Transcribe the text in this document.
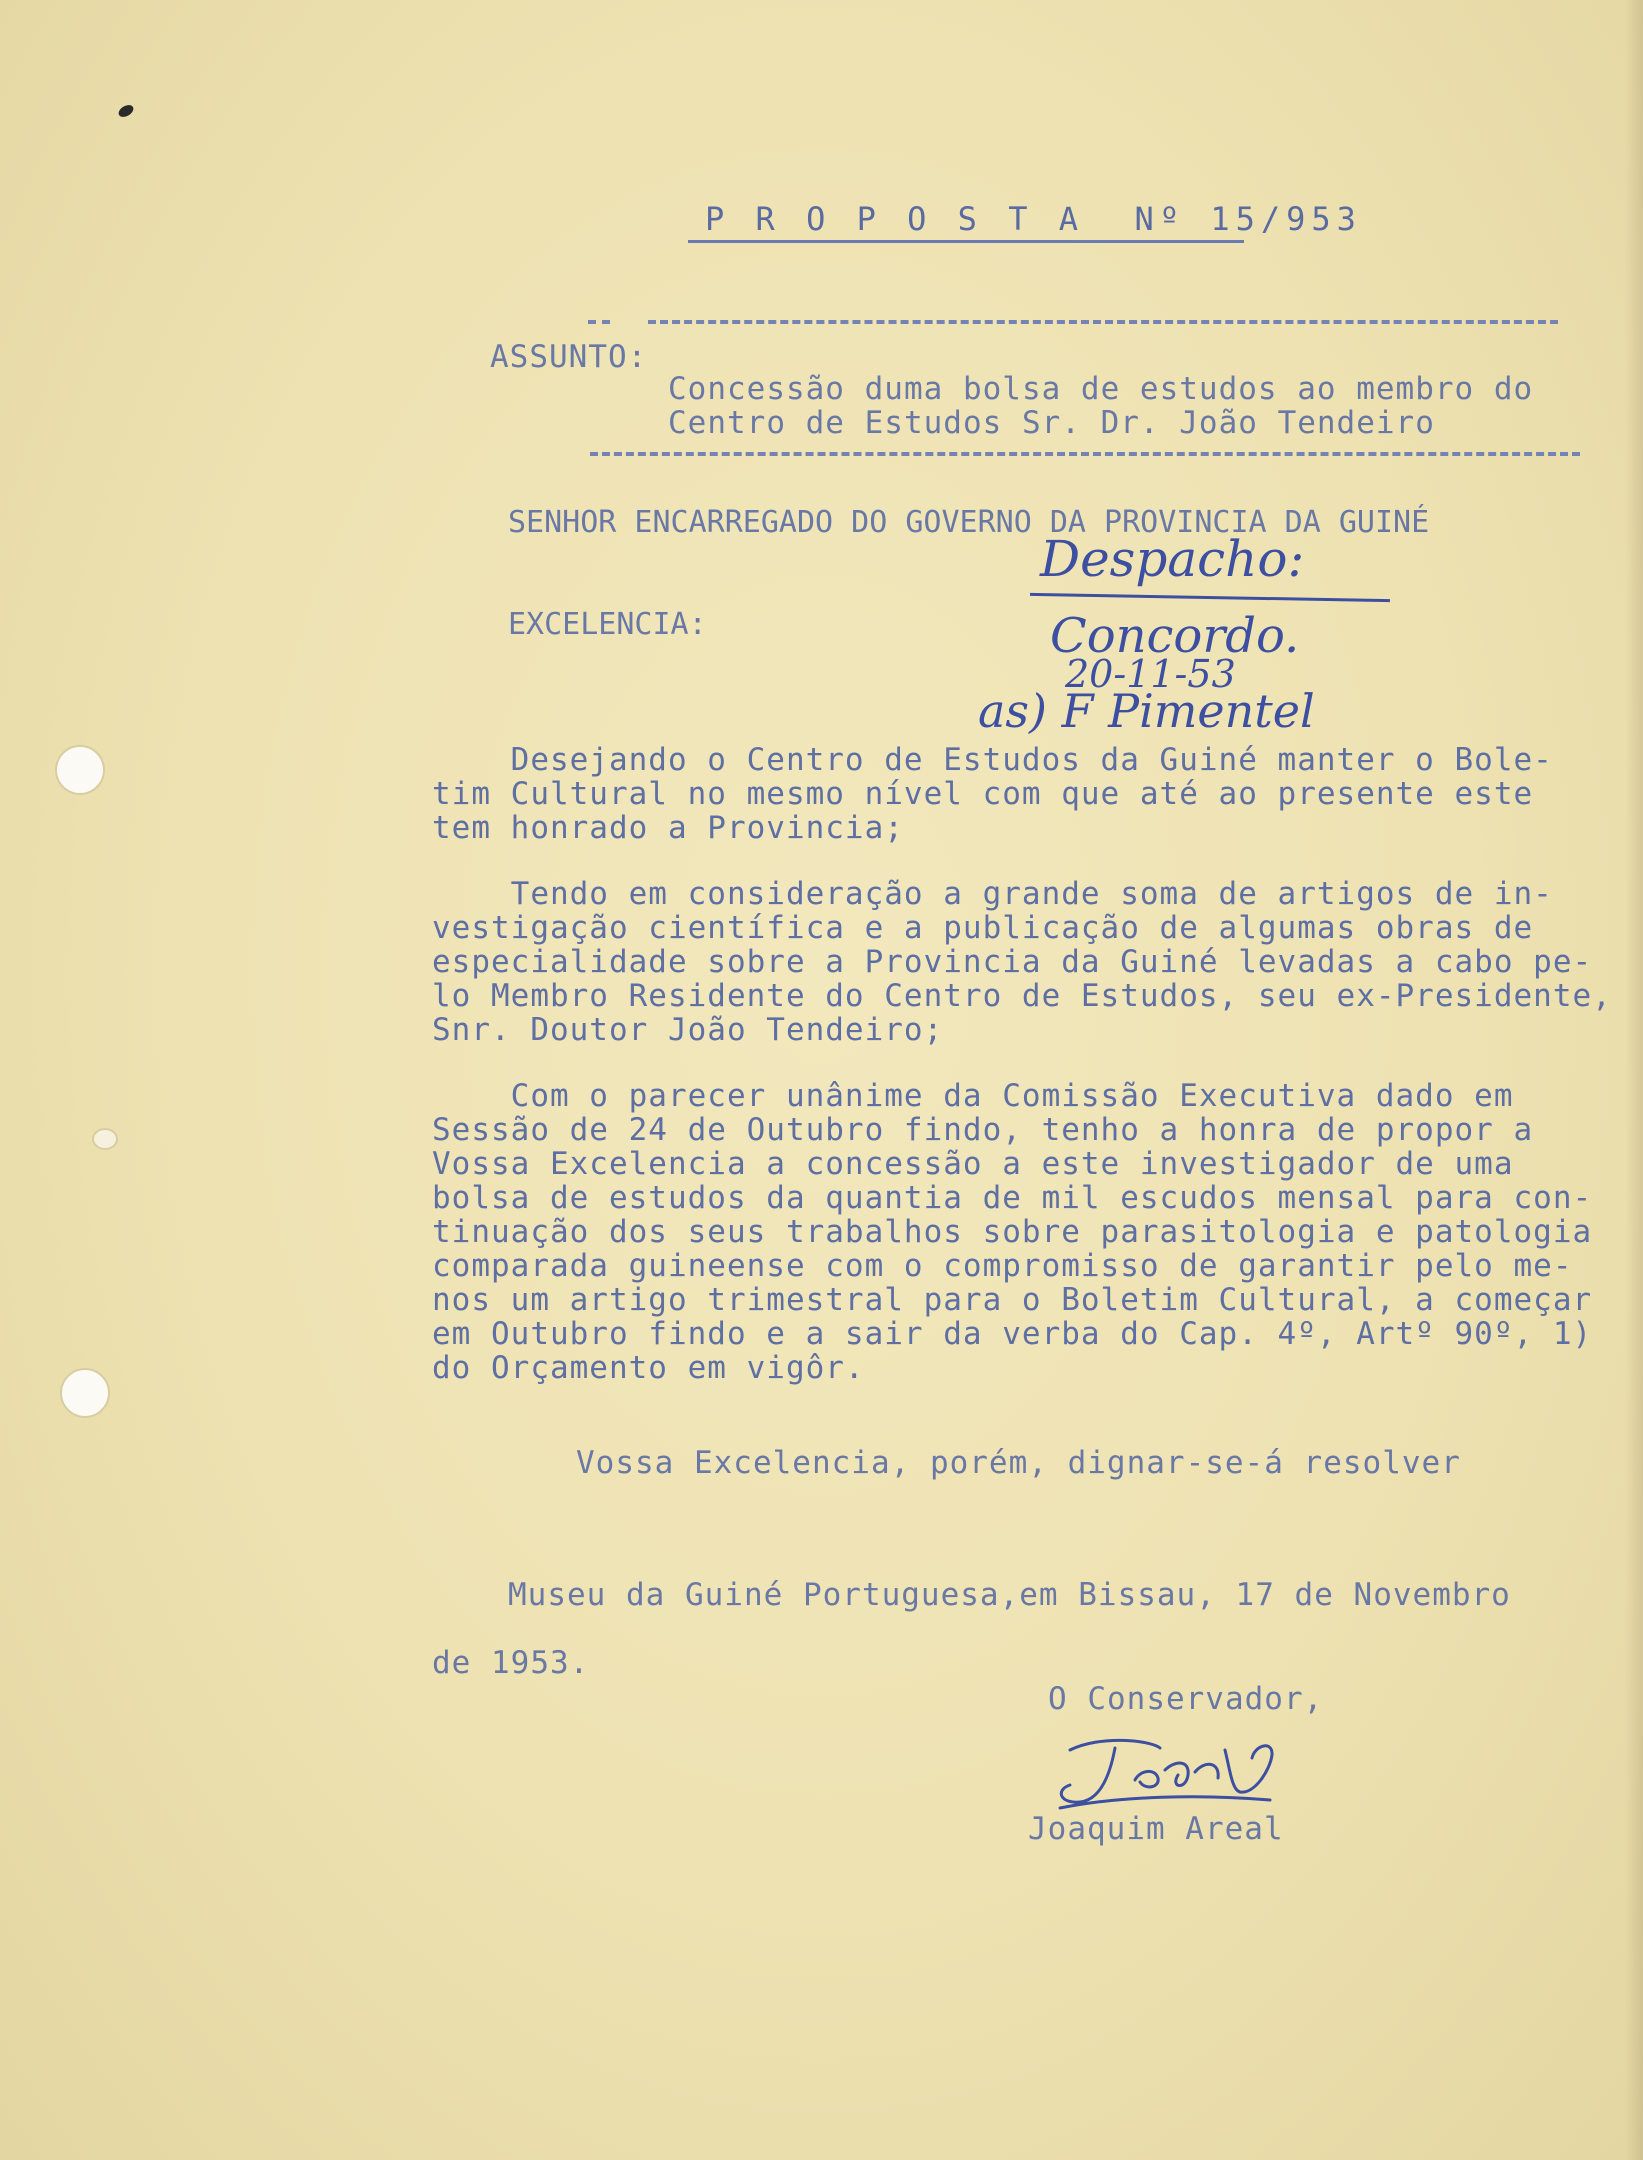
P R O P O S T A  Nº 15/953
ASSUNTO:
Concessão duma bolsa de estudos ao membro do
Centro de Estudos Sr. Dr. João Tendeiro
SENHOR ENCARREGADO DO GOVERNO DA PROVINCIA DA GUINÉ
EXCELENCIA:
Despacho:
Concordo.
20-11-53
as) F Pimentel
Desejando o Centro de Estudos da Guiné manter o Bole-
tim Cultural no mesmo nível com que até ao presente este
tem honrado a Provincia;
Tendo em consideração a grande soma de artigos de in-
vestigação científica e a publicação de algumas obras de
especialidade sobre a Provincia da Guiné levadas a cabo pe-
lo Membro Residente do Centro de Estudos, seu ex-Presidente,
Snr. Doutor João Tendeiro;
Com o parecer unânime da Comissão Executiva dado em
Sessão de 24 de Outubro findo, tenho a honra de propor a
Vossa Excelencia a concessão a este investigador de uma
bolsa de estudos da quantia de mil escudos mensal para con-
tinuação dos seus trabalhos sobre parasitologia e patologia
comparada guineense com o compromisso de garantir pelo me-
nos um artigo trimestral para o Boletim Cultural, a começar
em Outubro findo e a sair da verba do Cap. 4º, Artº 90º, 1)
do Orçamento em vigôr.
Vossa Excelencia, porém, dignar-se-á resolver
Museu da Guiné Portuguesa,em Bissau, 17 de Novembro
de 1953.
O Conservador,
Joaquim Areal
